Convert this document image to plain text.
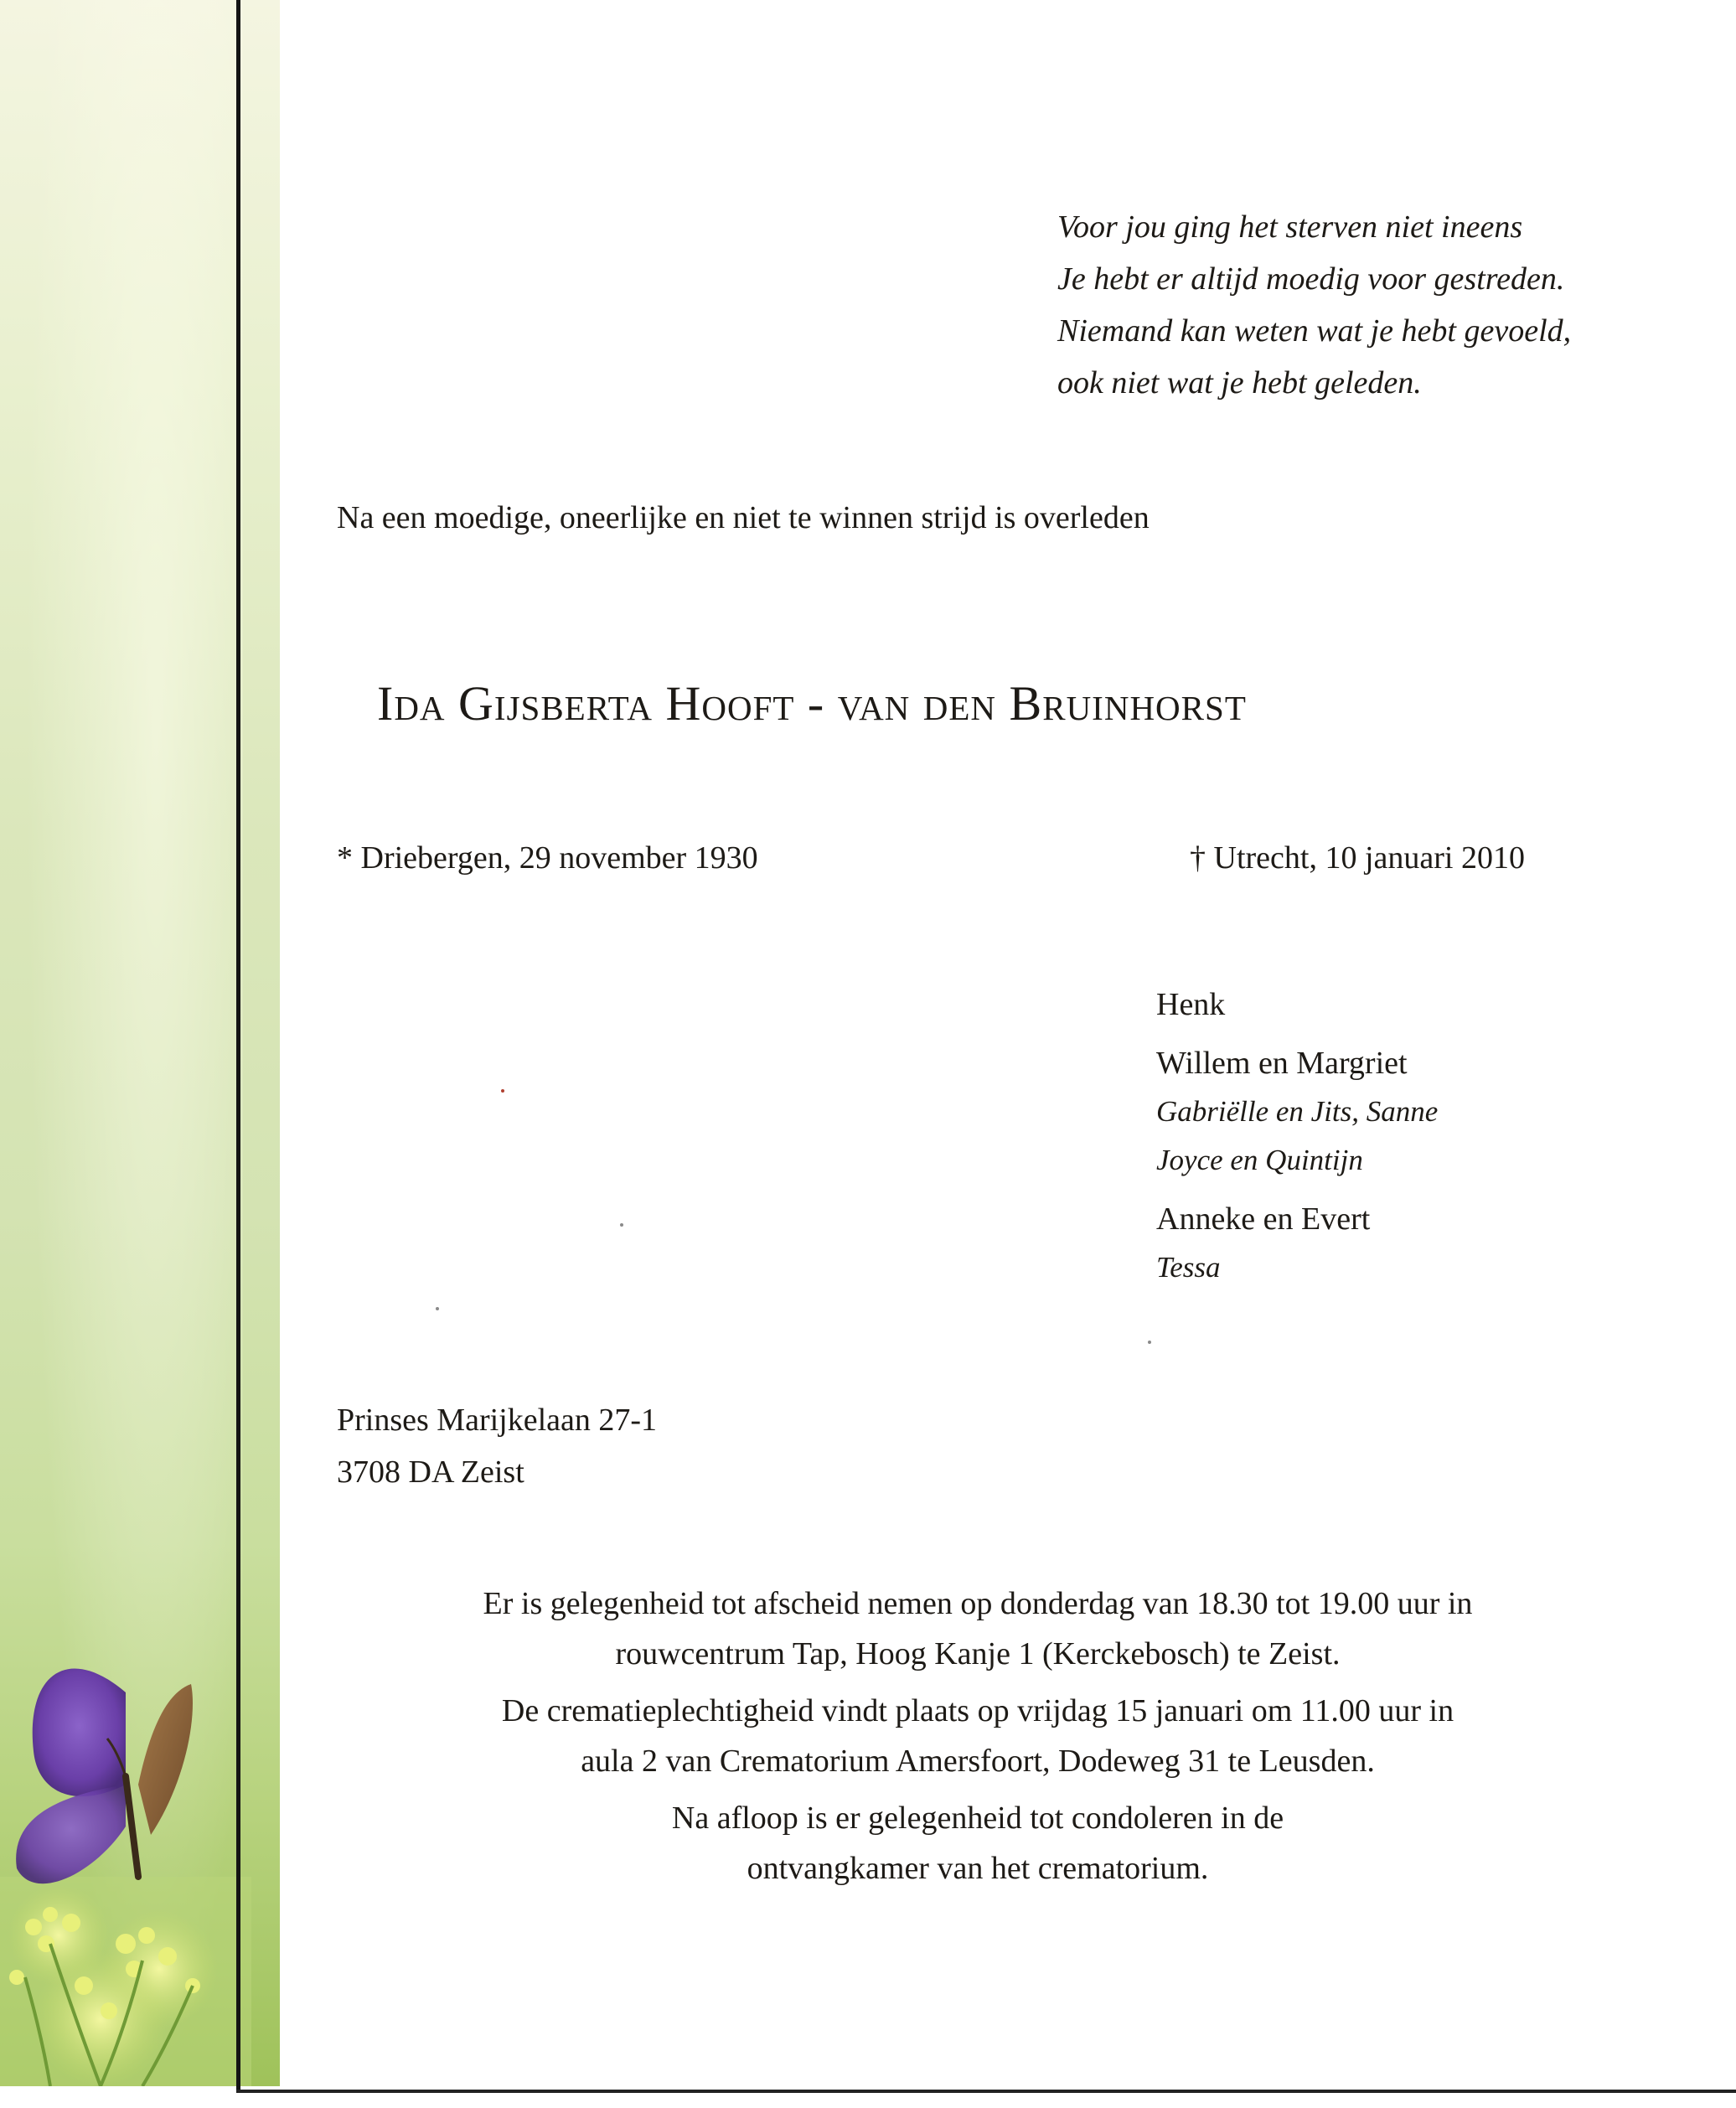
Voor jou ging het sterven niet ineens
Je hebt er altijd moedig voor gestreden.
Niemand kan weten wat je hebt gevoeld,
ook niet wat je hebt geleden.
Na een moedige, oneerlijke en niet te winnen strijd is overleden
Ida Gijsberta Hooft - van den Bruinhorst
* Driebergen, 29 november 1930	† Utrecht, 10 januari 2010
Henk
Willem en Margriet
Gabriëlle en Jits, Sanne
Joyce en Quintijn
Anneke en Evert
Tessa
Prinses Marijkelaan 27-1
3708 DA Zeist

Er is gelegenheid tot afscheid nemen op donderdag van 18.30 tot 19.00 uur in
rouwcentrum Tap, Hoog Kanje 1 (Kerckebosch) te Zeist.

De crematieplechtigheid vindt plaats op vrijdag 15 januari om 11.00 uur in
aula 2 van Crematorium Amersfoort, Dodeweg 31 te Leusden.

Na afloop is er gelegenheid tot condoleren in de
ontvangkamer van het crematorium.
